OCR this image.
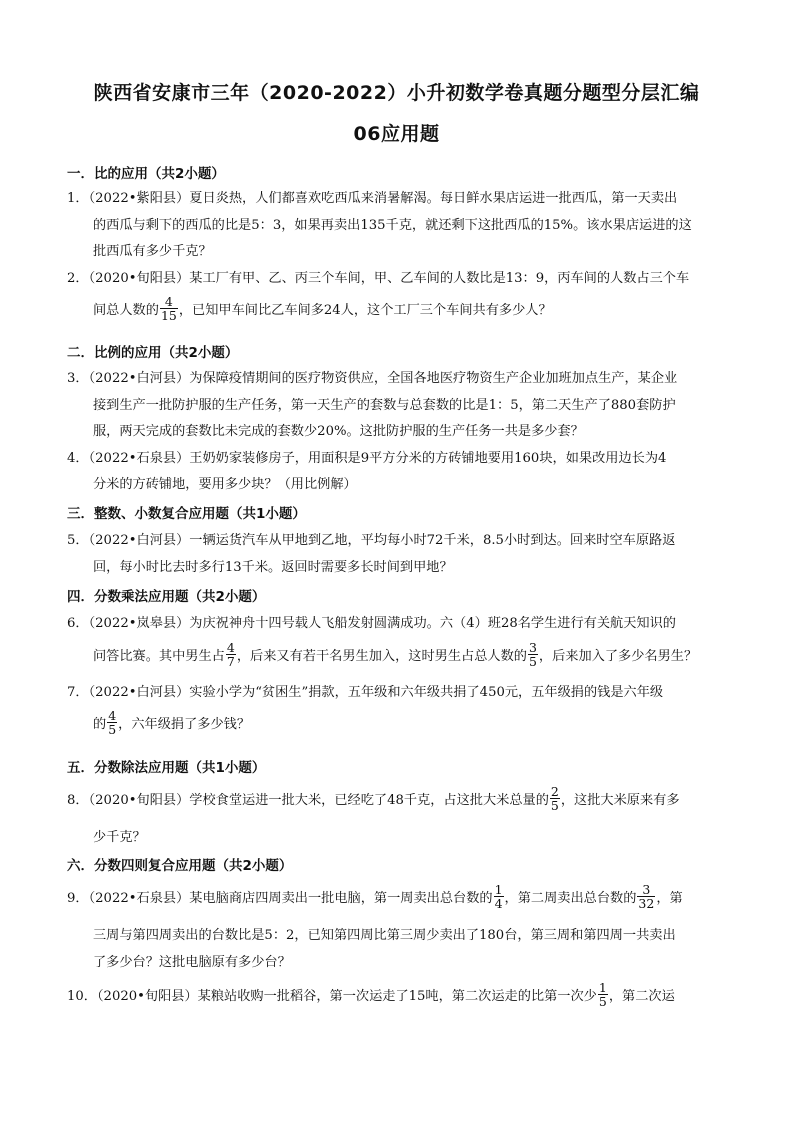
陕西省安康市三年（2020-2022）小升初数学卷真题分题型分层汇编
06应用题
一．比的应用（共2小题）
1．（2022•紫阳县）夏日炎热，人们都喜欢吃西瓜来消暑解渴。每日鲜水果店运进一批西瓜，第一天卖出
的西瓜与剩下的西瓜的比是5：3，如果再卖出135千克，就还剩下这批西瓜的15%。该水果店运进的这
批西瓜有多少千克？
2．（2020•旬阳县）某工厂有甲、乙、丙三个车间，甲、乙车间的人数比是13：9，丙车间的人数占三个车
间总人数的 $\frac{4}{15}$ ，已知甲车间比乙车间多24人，这个工厂三个车间共有多少人？
二．比例的应用（共2小题）
3．（2022•白河县）为保障疫情期间的医疗物资供应，全国各地医疗物资生产企业加班加点生产，某企业
接到生产一批防护服的生产任务，第一天生产的套数与总套数的比是1：5，第二天生产了880套防护
服，两天完成的套数比未完成的套数少20%。这批防护服的生产任务一共是多少套？
4．（2022•石泉县）王奶奶家装修房子，用面积是9平方分米的方砖铺地要用160块，如果改用边长为4
分米的方砖铺地，要用多少块？（用比例解）
三．整数、小数复合应用题（共1小题）
5．（2022•白河县）一辆运货汽车从甲地到乙地，平均每小时72千米，8.5小时到达。回来时空车原路返
回，每小时比去时多行13千米。返回时需要多长时间到甲地？
四．分数乘法应用题（共2小题）
6．（2022•岚皋县）为庆祝神舟十四号载人飞船发射圆满成功。六（4）班28名学生进行有关航天知识的
问答比赛。其中男生占 $\frac{4}{7}$ ，后来又有若干名男生加入，这时男生占总人数的 $\frac{3}{5}$ ，后来加入了多少名男生？
7．（2022•白河县）实验小学为“贫困生”捐款，五年级和六年级共捐了450元，五年级捐的钱是六年级
的 $\frac{4}{5}$ ，六年级捐了多少钱？
五．分数除法应用题（共1小题）
8．（2020•旬阳县）学校食堂运进一批大米，已经吃了48千克，占这批大米总量的 $\frac{2}{5}$ ，这批大米原来有多
少千克？
六．分数四则复合应用题（共2小题）
9．（2022•石泉县）某电脑商店四周卖出一批电脑，第一周卖出总台数的 $\frac{1}{4}$ ，第二周卖出总台数的 $\frac{3}{32}$ ，第
三周与第四周卖出的台数比是5：2，已知第四周比第三周少卖出了180台，第三周和第四周一共卖出
了多少台？这批电脑原有多少台？
10．（2020•旬阳县）某粮站收购一批稻谷，第一次运走了15吨，第二次运走的比第一次少 $\frac{1}{5}$ ，第二次运
